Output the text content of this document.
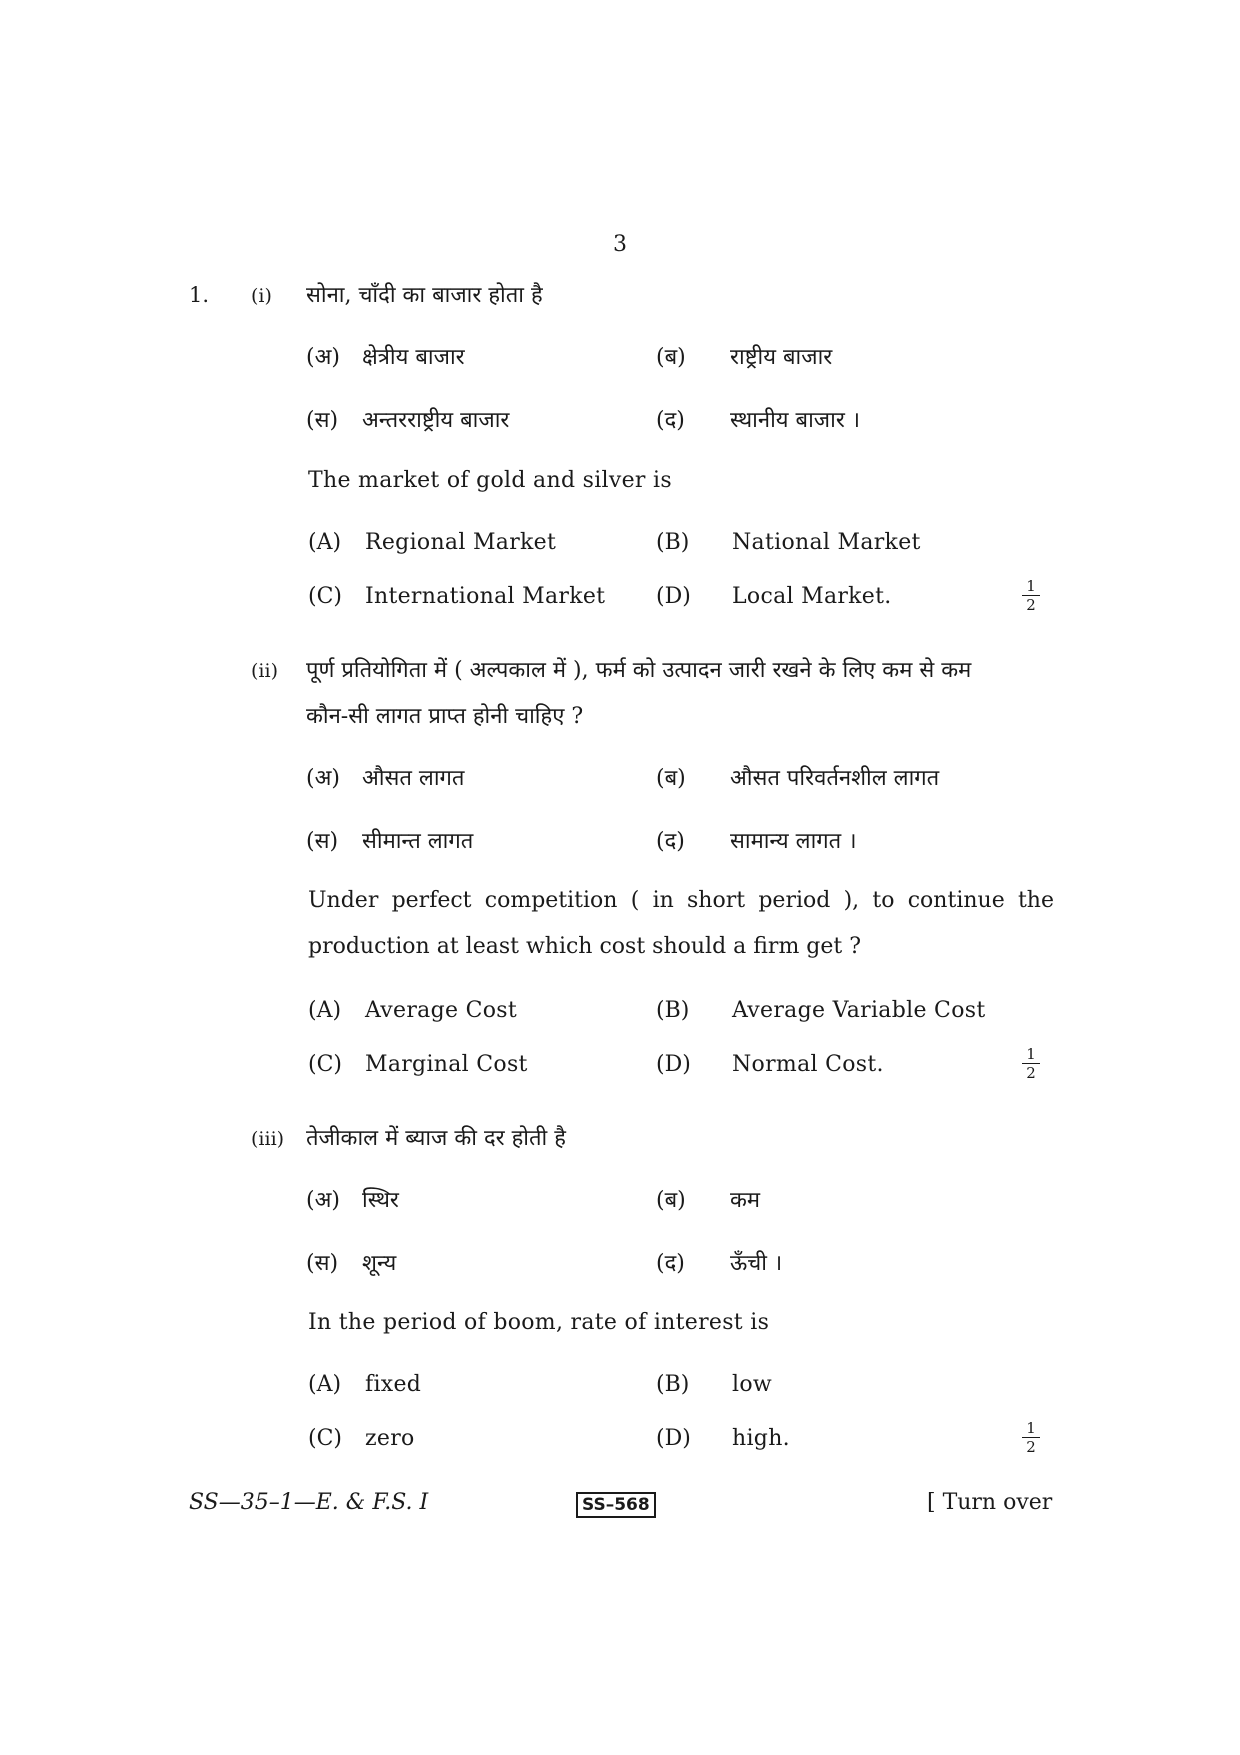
3
1. (i) सोना, चाँदी का बाजार होता है
(अ) क्षेत्रीय बाजार	(ब) राष्ट्रीय बाजार
(स) अन्तरराष्ट्रीय बाजार	(द) स्थानीय बाजार ।
The market of gold and silver is
(A) Regional Market	(B) National Market
(C) International Market (D) Local Market.	1
2
(ii) पूर्ण प्रतियोगिता में ( अल्पकाल में ), फर्म को उत्पादन जारी रखने के लिए कम से कम
कौन-सी लागत प्राप्त होनी चाहिए ?
(अ) औसत लागत	(ब) औसत परिवर्तनशील लागत
(स) सीमान्त लागत	(द) सामान्य लागत ।
Under perfect competition ( in short period ), to continue the
production at least which cost should a firm get ?
(A) Average Cost	(B) Average Variable Cost
(C) Marginal Cost	(D) Normal Cost.	1
2
(iii) तेजीकाल में ब्याज की दर होती है
(अ) स्थिर	(ब) कम
(स) शून्य	(द) ऊँची ।
In the period of boom, rate of interest is
(A) fixed	(B) low
(C) zero	(D) high.	1
2
SS—35–1—E. & F.S. I	SS–568	[ Turn over
